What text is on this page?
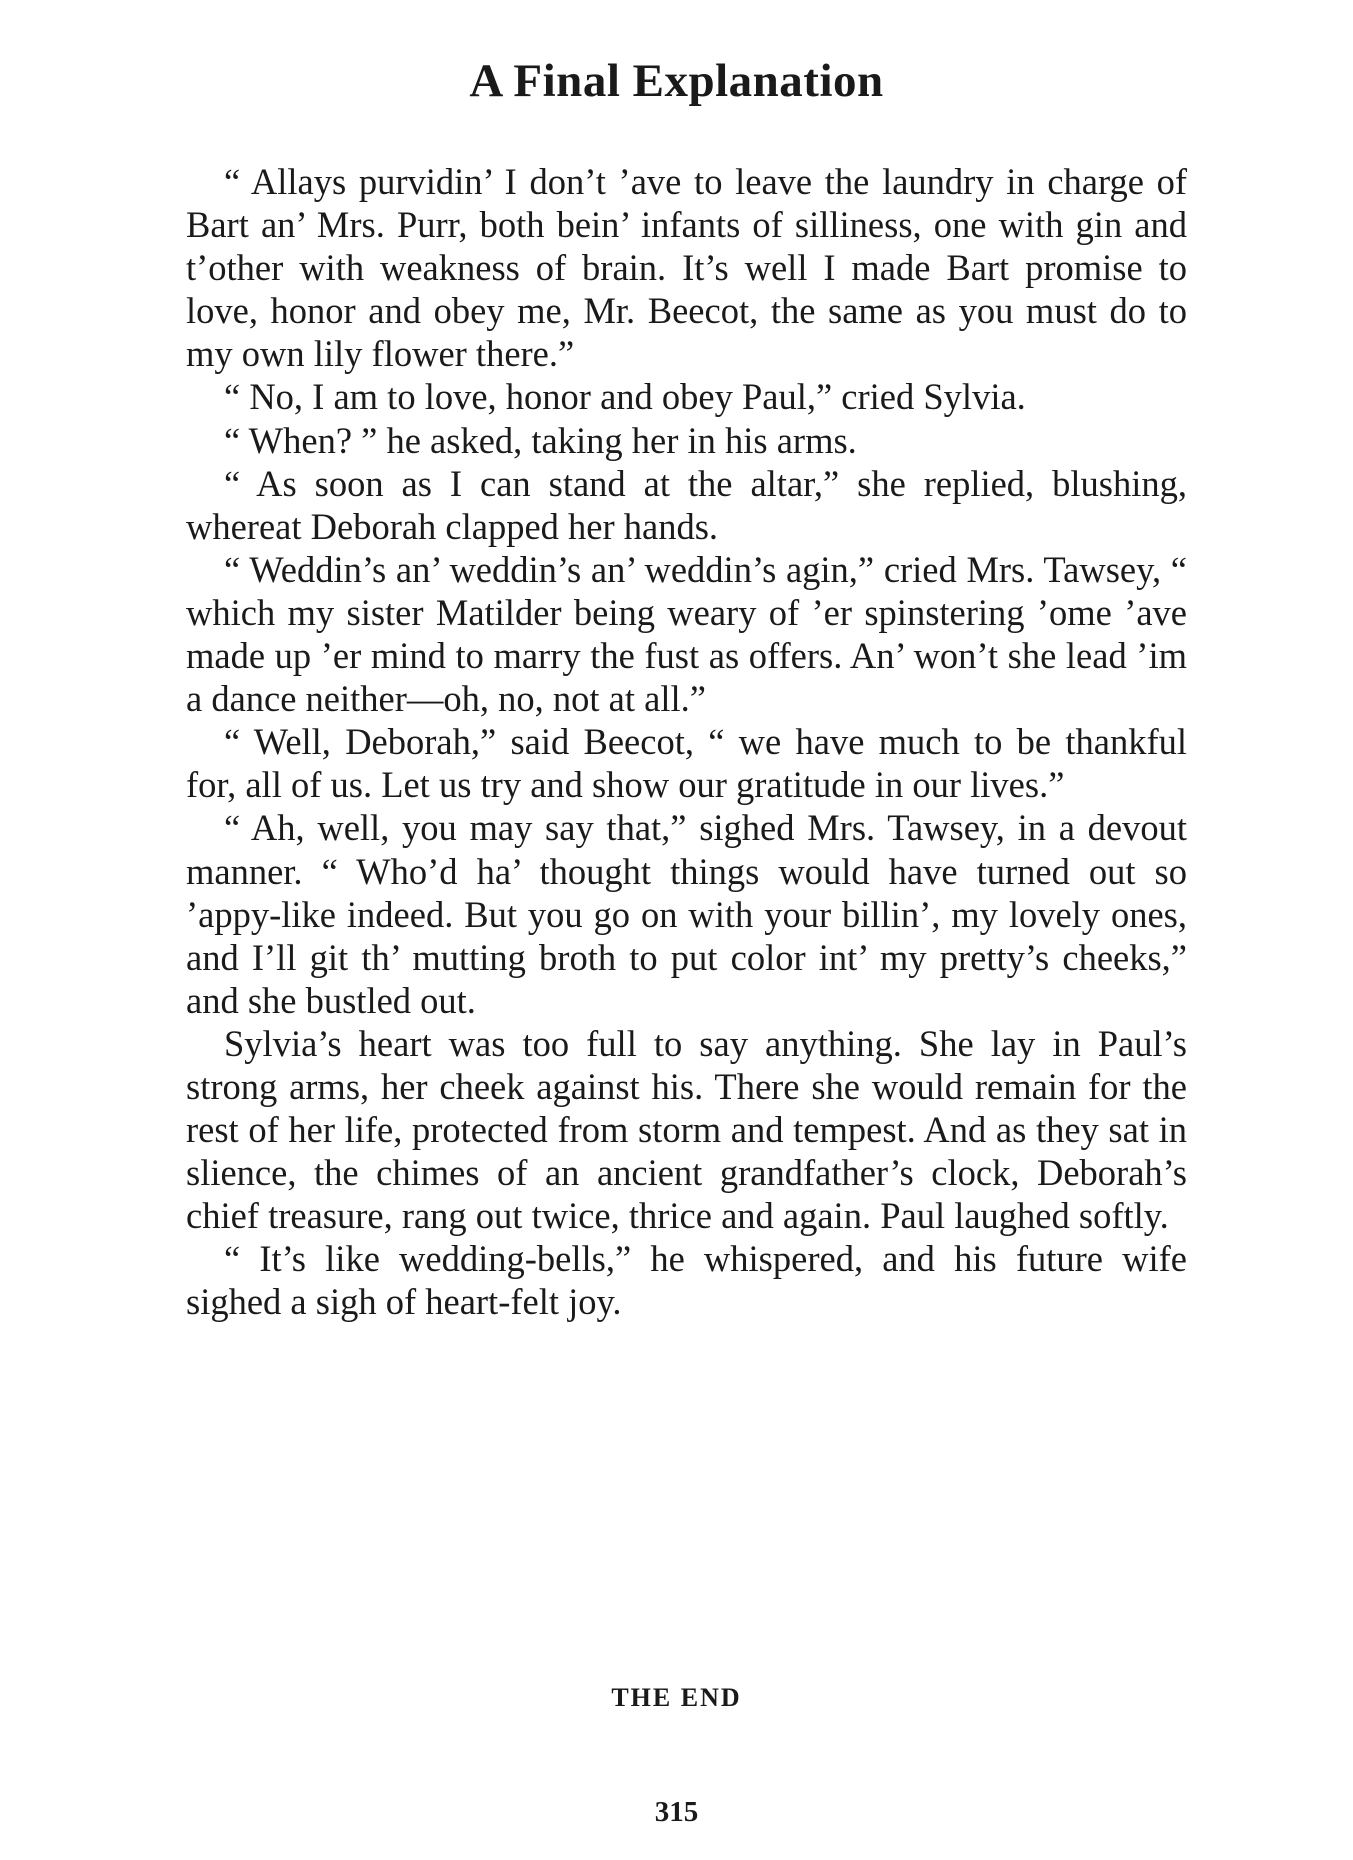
A Final Explanation

“ Allays purvidin’ I don’t ’ave to leave the laundry in charge of Bart an’ Mrs. Purr, both bein’ infants of silliness, one with gin and t’other with weakness of brain. It’s well I made Bart promise to love, honor and obey me, Mr. Beecot, the same as you must do to my own lily flower there.”

“ No, I am to love, honor and obey Paul,” cried Sylvia.

“ When? ” he asked, taking her in his arms.

“ As soon as I can stand at the altar,” she replied, blushing, whereat Deborah clapped her hands.

“ Weddin’s an’ weddin’s an’ weddin’s agin,” cried Mrs. Tawsey, “ which my sister Matilder being weary of ’er spinstering ’ome ’ave made up ’er mind to marry the fust as offers. An’ won’t she lead ’im a dance neither—oh, no, not at all.”

“ Well, Deborah,” said Beecot, “ we have much to be thankful for, all of us. Let us try and show our gratitude in our lives.”

“ Ah, well, you may say that,” sighed Mrs. Tawsey, in a devout manner. “ Who’d ha’ thought things would have turned out so ’appy-like indeed. But you go on with your billin’, my lovely ones, and I’ll git th’ mutting broth to put color int’ my pretty’s cheeks,” and she bustled out.

Sylvia’s heart was too full to say anything. She lay in Paul’s strong arms, her cheek against his. There she would remain for the rest of her life, protected from storm and tempest. And as they sat in slience, the chimes of an ancient grandfather’s clock, Deborah’s chief treasure, rang out twice, thrice and again. Paul laughed softly.

“ It’s like wedding-bells,” he whispered, and his future wife sighed a sigh of heart-felt joy.

THE END
315
